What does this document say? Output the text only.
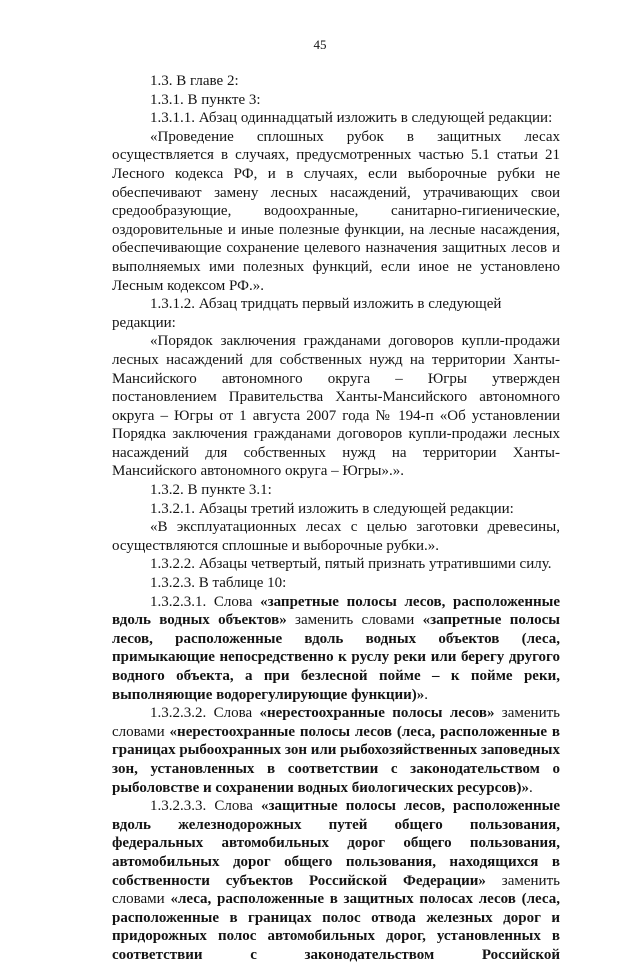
45

1.3. В главе 2:

1.3.1. В пункте 3:

1.3.1.1. Абзац одиннадцатый изложить в следующей редакции:

«Проведение сплошных рубок в защитных лесах осуществляется в случаях, предусмотренных частью 5.1 статьи 21 Лесного кодекса РФ, и в случаях, если выборочные рубки не обеспечивают замену лесных насаждений, утрачивающих свои средообразующие, водоохранные, санитарно-гигиенические, оздоровительные и иные полезные функции, на лесные насаждения, обеспечивающие сохранение целевого назначения защитных лесов и выполняемых ими полезных функций, если иное не установлено Лесным кодексом РФ.».

1.3.1.2. Абзац тридцать первый изложить в следующей редакции:

«Порядок заключения гражданами договоров купли-продажи лесных насаждений для собственных нужд на территории Ханты-Мансийского автономного округа – Югры утвержден постановлением Правительства Ханты-Мансийского автономного округа – Югры от 1 августа 2007 года № 194-п «Об установлении Порядка заключения гражданами договоров купли-продажи лесных насаждений для собственных нужд на территории Ханты-Мансийского автономного округа – Югры».».

1.3.2. В пункте 3.1:

1.3.2.1. Абзацы третий изложить в следующей редакции:

«В эксплуатационных лесах с целью заготовки древесины, осуществляются сплошные и выборочные рубки.».

1.3.2.2. Абзацы четвертый, пятый признать утратившими силу.

1.3.2.3. В таблице 10:

1.3.2.3.1. Слова «запретные полосы лесов, расположенные вдоль водных объектов» заменить словами «запретные полосы лесов, расположенные вдоль водных объектов (леса, примыкающие непосредственно к руслу реки или берегу другого водного объекта, а при безлесной пойме – к пойме реки, выполняющие водорегулирующие функции)».

1.3.2.3.2. Слова «нерестоохранные полосы лесов» заменить словами «нерестоохранные полосы лесов (леса, расположенные в границах рыбоохранных зон или рыбохозяйственных заповедных зон, установленных в соответствии с законодательством о рыболовстве и сохранении водных биологических ресурсов)».

1.3.2.3.3. Слова «защитные полосы лесов, расположенные вдоль железнодорожных путей общего пользования, федеральных автомобильных дорог общего пользования, автомобильных дорог общего пользования, находящихся в собственности субъектов Российской Федерации» заменить словами «леса, расположенные в защитных полосах лесов (леса, расположенные в границах полос отвода железных дорог и придорожных полос автомобильных дорог, установленных в соответствии с законодательством Российской
